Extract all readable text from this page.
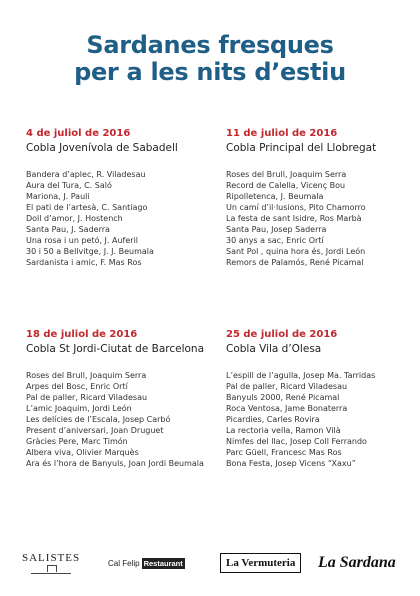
Sardanes fresques
per a les nits d’estiu
4 de juliol de 2016
Cobla Jovenívola de Sabadell
Bandera d’aplec, R. Viladesau
Aura del Tura, C. Saló
Mariona, J. Pauli
El pati de l’artesà, C. Santiago
Doll d’amor, J. Hostench
Santa Pau, J. Saderra
Una rosa i un petó, J. Auferil
30 i 50 a Bellvitge, J. J. Beumala
Sardanista i amic, F. Mas Ros
11 de juliol de 2016
Cobla Principal del Llobregat
Roses del Brull, Joaquim Serra
Record de Calella, Vicenç Bou
Ripolletenca, J. Beumala
Un camí d’il·lusions, Pito Chamorro
La festa de sant Isidre, Ros Marbà
Santa Pau, Josep Saderra
30 anys a sac, Enric Ortí
Sant Pol , quina hora és, Jordi León
Remors de Palamós, René Picamal
18 de juliol de 2016
Cobla St Jordi-Ciutat de Barcelona
Roses del Brull, Joaquim Serra
Arpes del Bosc, Enric Ortí
Pal de paller, Ricard Viladesau
L’amic Joaquim, Jordi León
Les delícies de l’Escala, Josep Carbó
Present d’aniversari, Joan Druguet
Gràcies Pere, Marc Timón
Albera viva, Olivier Marquès
Ara és l’hora de Banyuls, Joan Jordi Beumala
25 de juliol de 2016
Cobla Vila d’Olesa
L’espill de l’agulla, Josep Ma. Tarridas
Pal de paller, Ricard Viladesau
Banyuls 2000, René Picamal
Roca Ventosa, Jame Bonaterra
Picardies, Carles Rovira
La rectoria vella, Ramon Vilà
Nimfes del llac, Josep Coll Ferrando
Parc Güell, Francesc Mas Ros
Bona Festa, Josep Vicens “Xaxu”
SALISTES	Cal Felip Restaurant	La Vermuteria	La Sardana
